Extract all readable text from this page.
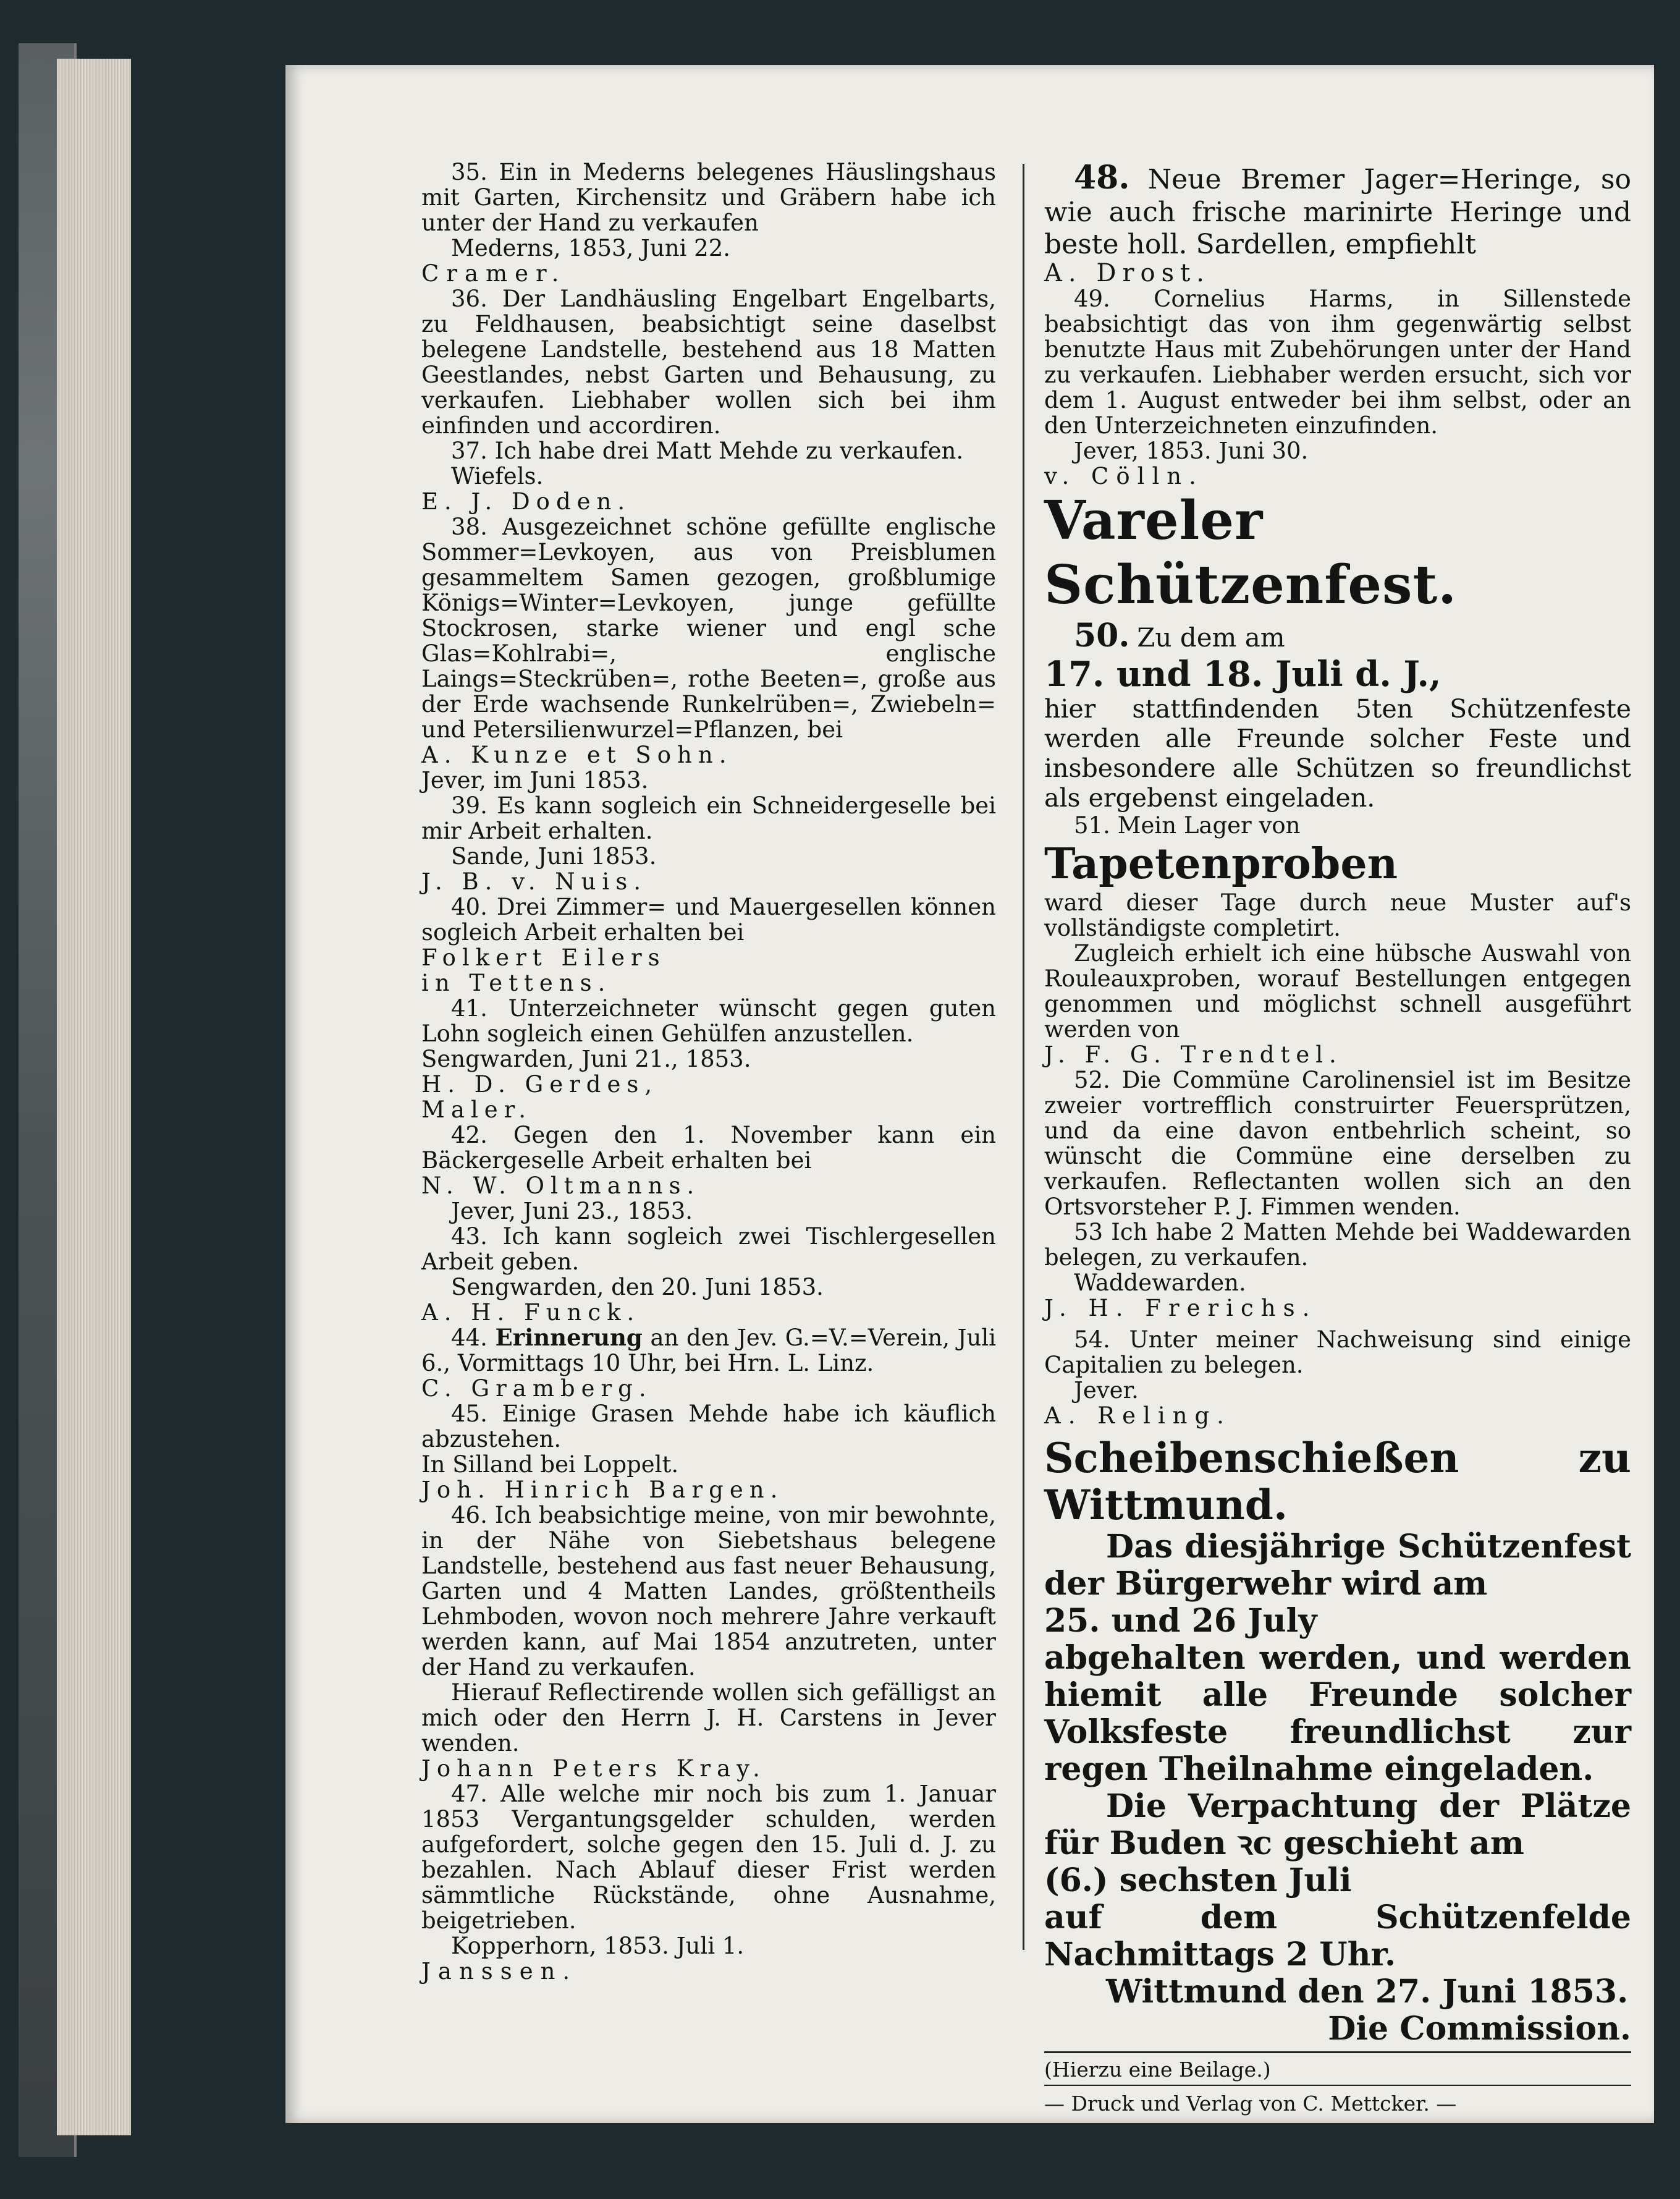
35. Ein in Mederns belegenes Häuslingshaus mit Garten, Kirchensitz und Gräbern habe ich unter der Hand zu verkaufen

Mederns, 1853, Juni 22.

Cramer.

36. Der Landhäusling Engelbart Engelbarts, zu Feldhausen, beabsichtigt seine daselbst belegene Landstelle, bestehend aus 18 Matten Geestlandes, nebst Garten und Behausung, zu verkaufen. Liebhaber wollen sich bei ihm einfinden und accordiren.

37. Ich habe drei Matt Mehde zu verkaufen.

Wiefels.

E. J. Doden.

38. Ausgezeichnet schöne gefüllte englische Sommer=Levkoyen, aus von Preisblumen gesammeltem Samen gezogen, großblumige Königs=Winter=Levkoyen, junge gefüllte Stockrosen, starke wiener und engl sche Glas=Kohlrabi=, englische Laings=Steckrüben=, rothe Beeten=, große aus der Erde wachsende Runkelrüben=, Zwiebeln= und Petersilienwurzel=Pflanzen, bei

A. Kunze et Sohn.

Jever, im Juni 1853.

39. Es kann sogleich ein Schneidergeselle bei mir Arbeit erhalten.

Sande, Juni 1853.

J. B. v. Nuis.

40. Drei Zimmer= und Mauergesellen können sogleich Arbeit erhalten bei

Folkert Eilers

in Tettens.

41. Unterzeichneter wünscht gegen guten Lohn sogleich einen Gehülfen anzustellen.

Sengwarden, Juni 21., 1853.

H. D. Gerdes,

Maler.

42. Gegen den 1. November kann ein Bäckergeselle Arbeit erhalten bei

N. W. Oltmanns.

Jever, Juni 23., 1853.

43. Ich kann sogleich zwei Tischlergesellen Arbeit geben.

Sengwarden, den 20. Juni 1853.

A. H. Funck.

44. Erinnerung an den Jev. G.=V.=Verein, Juli 6., Vormittags 10 Uhr, bei Hrn. L. Linz.

C. Gramberg.

45. Einige Grasen Mehde habe ich käuflich abzustehen.

In Silland bei Loppelt.

Joh. Hinrich Bargen.

46. Ich beabsichtige meine, von mir bewohnte, in der Nähe von Siebetshaus belegene Landstelle, bestehend aus fast neuer Behausung, Garten und 4 Matten Landes, größtentheils Lehmboden, wovon noch mehrere Jahre verkauft werden kann, auf Mai 1854 anzutreten, unter der Hand zu verkaufen.

Hierauf Reflectirende wollen sich gefälligst an mich oder den Herrn J. H. Carstens in Jever wenden.

Johann Peters Kray.

47. Alle welche mir noch bis zum 1. Januar 1853 Vergantungsgelder schulden, werden aufgefordert, solche gegen den 15. Juli d. J. zu bezahlen. Nach Ablauf dieser Frist werden sämmtliche Rückstände, ohne Ausnahme, beigetrieben.

Kopperhorn, 1853. Juli 1.

Janssen.

48. Neue Bremer Jager=Heringe, so wie auch frische marinirte Heringe und beste holl. Sardellen, empfiehlt

A. Drost.

49. Cornelius Harms, in Sillenstede beabsichtigt das von ihm gegenwärtig selbst benutzte Haus mit Zubehörungen unter der Hand zu verkaufen. Liebhaber werden ersucht, sich vor dem 1. August entweder bei ihm selbst, oder an den Unterzeichneten einzufinden.

Jever, 1853. Juni 30.

v. Cölln.

Vareler Schützenfest.

50. Zu dem am

17. und 18. Juli d. J.,

hier stattfindenden 5ten Schützenfeste werden alle Freunde solcher Feste und insbesondere alle Schützen so freundlichst als ergebenst eingeladen.

51. Mein Lager von

Tapetenproben

ward dieser Tage durch neue Muster auf's vollständigste completirt.

Zugleich erhielt ich eine hübsche Auswahl von Rouleauxproben, worauf Bestellungen entgegen genommen und möglichst schnell ausgeführt werden von

J. F. G. Trendtel.

52. Die Commüne Carolinensiel ist im Besitze zweier vortrefflich construirter Feuersprützen, und da eine davon entbehrlich scheint, so wünscht die Commüne eine derselben zu verkaufen. Reflectanten wollen sich an den Ortsvorsteher P. J. Fimmen wenden.

53 Ich habe 2 Matten Mehde bei Waddewarden belegen, zu verkaufen.

Waddewarden.

J. H. Frerichs.

54. Unter meiner Nachweisung sind einige Capitalien zu belegen.

Jever.

A. Reling.

Scheibenschießen zu Wittmund.

Das diesjährige Schützenfest der Bürgerwehr wird am

25. und 26 July

abgehalten werden, und werden hiemit alle Freunde solcher Volksfeste freundlichst zur regen Theilnahme eingeladen.

Die Verpachtung der Plätze für Buden ꝛc geschieht am

(6.) sechsten Juli

auf dem Schützenfelde Nachmittags 2 Uhr.

Wittmund den 27. Juni 1853.

Die Commission.

(Hierzu eine Beilage.)

— Druck und Verlag von C. Mettcker. —
